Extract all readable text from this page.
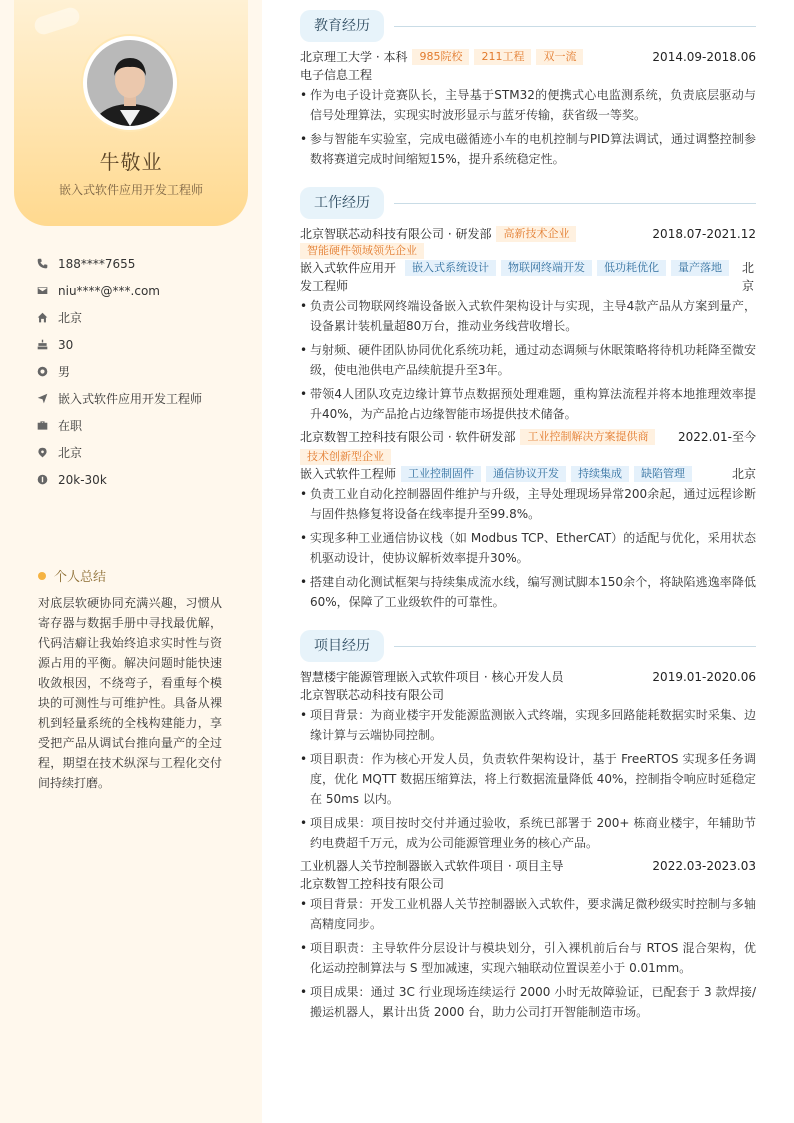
牛敬业
嵌入式软件应用开发工程师
188****7655
niu****@***.com
北京
30
男
嵌入式软件应用开发工程师
在职
北京
20k-30k
个人总结
对底层软硬协同充满兴趣，习惯从寄存器与数据手册中寻找最优解，代码洁癖让我始终追求实时性与资源占用的平衡。解决问题时能快速收敛根因，不绕弯子，看重每个模块的可测性与可维护性。具备从裸机到轻量系统的全栈构建能力，享受把产品从调试台推向量产的全过程，期望在技术纵深与工程化交付间持续打磨。
教育经历
北京理工大学 · 本科	985院校	211工程	双一流	2014.09-2018.06
电子信息工程
• 作为电子设计竞赛队长，主导基于STM32的便携式心电监测系统，负责底层驱动与信号处理算法，实现实时波形显示与蓝牙传输，获省级一等奖。
• 参与智能车实验室，完成电磁循迹小车的电机控制与PID算法调试，通过调整控制参数将赛道完成时间缩短15%，提升系统稳定性。
工作经历
北京智联芯动科技有限公司 · 研发部	高新技术企业	2018.07-2021.12
智能硬件领域领先企业
嵌入式软件应用开发工程师
嵌入式系统设计	物联网终端开发	低功耗优化	量产落地	北京
• 负责公司物联网终端设备嵌入式软件架构设计与实现，主导4款产品从方案到量产，设备累计装机量超80万台，推动业务线营收增长。
• 与射频、硬件团队协同优化系统功耗，通过动态调频与休眠策略将待机功耗降至微安级，使电池供电产品续航提升至3年。
• 带领4人团队攻克边缘计算节点数据预处理难题，重构算法流程并将本地推理效率提升40%，为产品抢占边缘智能市场提供技术储备。
北京数智工控科技有限公司 · 软件研发部	工业控制解决方案提供商	2022.01-至今
技术创新型企业
嵌入式软件工程师	工业控制固件	通信协议开发	持续集成	缺陷管理	北京
• 负责工业自动化控制器固件维护与升级，主导处理现场异常200余起，通过远程诊断与固件热修复将设备在线率提升至99.8%。
• 实现多种工业通信协议栈（如 Modbus TCP、EtherCAT）的适配与优化，采用状态机驱动设计，使协议解析效率提升30%。
• 搭建自动化测试框架与持续集成流水线，编写测试脚本150余个，将缺陷逃逸率降低60%，保障了工业级软件的可靠性。
项目经历
智慧楼宇能源管理嵌入式软件项目 · 核心开发人员	2019.01-2020.06
北京智联芯动科技有限公司
• 项目背景：为商业楼宇开发能源监测嵌入式终端，实现多回路能耗数据实时采集、边缘计算与云端协同控制。
• 项目职责：作为核心开发人员，负责软件架构设计，基于 FreeRTOS 实现多任务调度，优化 MQTT 数据压缩算法，将上行数据流量降低 40%，控制指令响应时延稳定在 50ms 以内。
• 项目成果：项目按时交付并通过验收，系统已部署于 200+ 栋商业楼宇，年辅助节约电费超千万元，成为公司能源管理业务的核心产品。
工业机器人关节控制器嵌入式软件项目 · 项目主导	2022.03-2023.03
北京数智工控科技有限公司
• 项目背景：开发工业机器人关节控制器嵌入式软件，要求满足微秒级实时控制与多轴高精度同步。
• 项目职责：主导软件分层设计与模块划分，引入裸机前后台与 RTOS 混合架构，优化运动控制算法与 S 型加减速，实现六轴联动位置误差小于 0.01mm。
• 项目成果：通过 3C 行业现场连续运行 2000 小时无故障验证，已配套于 3 款焊接/搬运机器人，累计出货 2000 台，助力公司打开智能制造市场。
